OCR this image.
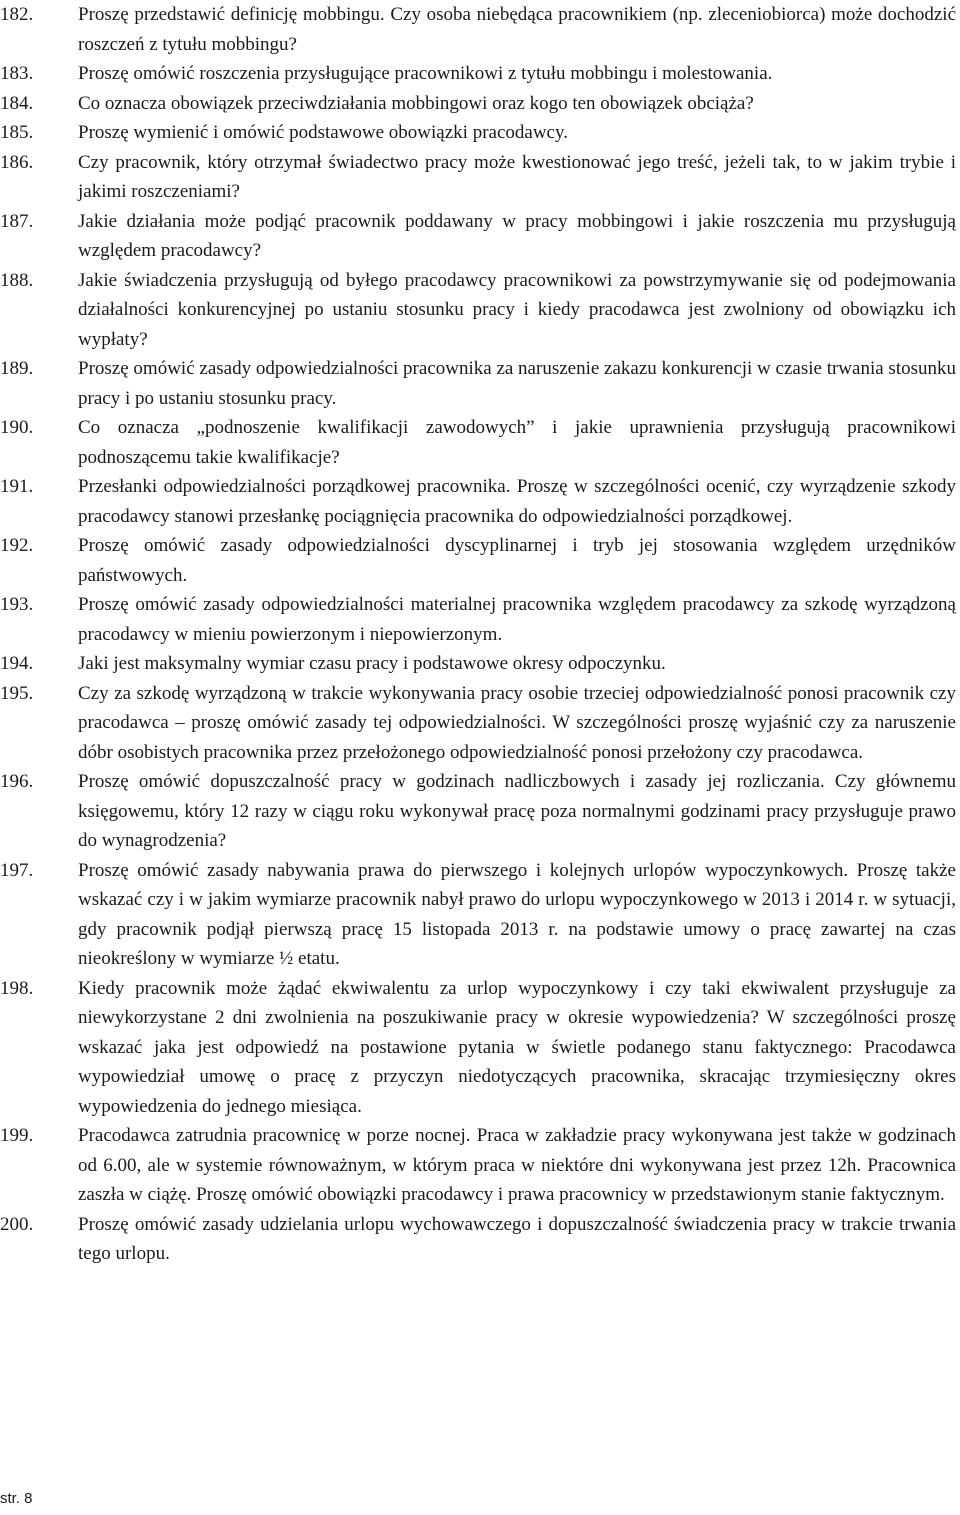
182.	Proszę przedstawić definicję mobbingu. Czy osoba niebędąca pracownikiem (np. zleceniobiorca) może dochodzić roszczeń z tytułu mobbingu?

183.	Proszę omówić roszczenia przysługujące pracownikowi z tytułu mobbingu i molestowania.

184.	Co oznacza obowiązek przeciwdziałania mobbingowi oraz kogo ten obowiązek obciąża?

185.	Proszę wymienić i omówić podstawowe obowiązki pracodawcy.

186.	Czy pracownik, który otrzymał świadectwo pracy może kwestionować jego treść, jeżeli tak, to w jakim trybie i jakimi roszczeniami?

187.	Jakie działania może podjąć pracownik poddawany w pracy mobbingowi i jakie roszczenia mu przysługują względem pracodawcy?

188.	Jakie świadczenia przysługują od byłego pracodawcy pracownikowi za powstrzymywanie się od podejmowania działalności konkurencyjnej po ustaniu stosunku pracy i kiedy pracodawca jest zwolniony od obowiązku ich wypłaty?

189.	Proszę omówić zasady odpowiedzialności pracownika za naruszenie zakazu konkurencji w czasie trwania stosunku pracy i po ustaniu stosunku pracy.

190.	Co oznacza „podnoszenie kwalifikacji zawodowych” i jakie uprawnienia przysługują pracownikowi podnoszącemu takie kwalifikacje?

191.	Przesłanki odpowiedzialności porządkowej pracownika. Proszę w szczególności ocenić, czy wyrządzenie szkody pracodawcy stanowi przesłankę pociągnięcia pracownika do odpowiedzialności porządkowej.

192.	Proszę omówić zasady odpowiedzialności dyscyplinarnej i tryb jej stosowania względem urzędników państwowych.

193.	Proszę omówić zasady odpowiedzialności materialnej pracownika względem pracodawcy za szkodę wyrządzoną pracodawcy w mieniu powierzonym i niepowierzonym.

194.	Jaki jest maksymalny wymiar czasu pracy i podstawowe okresy odpoczynku.

195.	Czy za szkodę wyrządzoną w trakcie wykonywania pracy osobie trzeciej odpowiedzialność ponosi pracownik czy pracodawca – proszę omówić zasady tej odpowiedzialności. W szczególności proszę wyjaśnić czy za naruszenie dóbr osobistych pracownika przez przełożonego odpowiedzialność ponosi przełożony czy pracodawca.

196.	Proszę omówić dopuszczalność pracy w godzinach nadliczbowych i zasady jej rozliczania. Czy głównemu księgowemu, który 12 razy w ciągu roku wykonywał pracę poza normalnymi godzinami pracy przysługuje prawo do wynagrodzenia?

197.	Proszę omówić zasady nabywania prawa do pierwszego i kolejnych urlopów wypoczynkowych. Proszę także wskazać czy i w jakim wymiarze pracownik nabył prawo do urlopu wypoczynkowego w 2013 i 2014 r. w sytuacji, gdy pracownik podjął pierwszą pracę 15 listopada 2013 r. na podstawie umowy o pracę zawartej na czas nieokreślony w wymiarze ½ etatu.

198.	Kiedy pracownik może żądać ekwiwalentu za urlop wypoczynkowy i czy taki ekwiwalent przysługuje za niewykorzystane 2 dni zwolnienia na poszukiwanie pracy w okresie wypowiedzenia? W szczególności proszę wskazać jaka jest odpowiedź na postawione pytania w świetle podanego stanu faktycznego: Pracodawca wypowiedział umowę o pracę z przyczyn niedotyczących pracownika, skracając trzymiesięczny okres wypowiedzenia do jednego miesiąca.

199.	Pracodawca zatrudnia pracownicę w porze nocnej. Praca w zakładzie pracy wykonywana jest także w godzinach od 6.00, ale w systemie równoważnym, w którym praca w niektóre dni wykonywana jest przez 12h. Pracownica zaszła w ciążę. Proszę omówić obowiązki pracodawcy i prawa pracownicy w przedstawionym stanie faktycznym.

200.	Proszę omówić zasady udzielania urlopu wychowawczego i dopuszczalność świadczenia pracy w trakcie trwania tego urlopu.

str. 8
